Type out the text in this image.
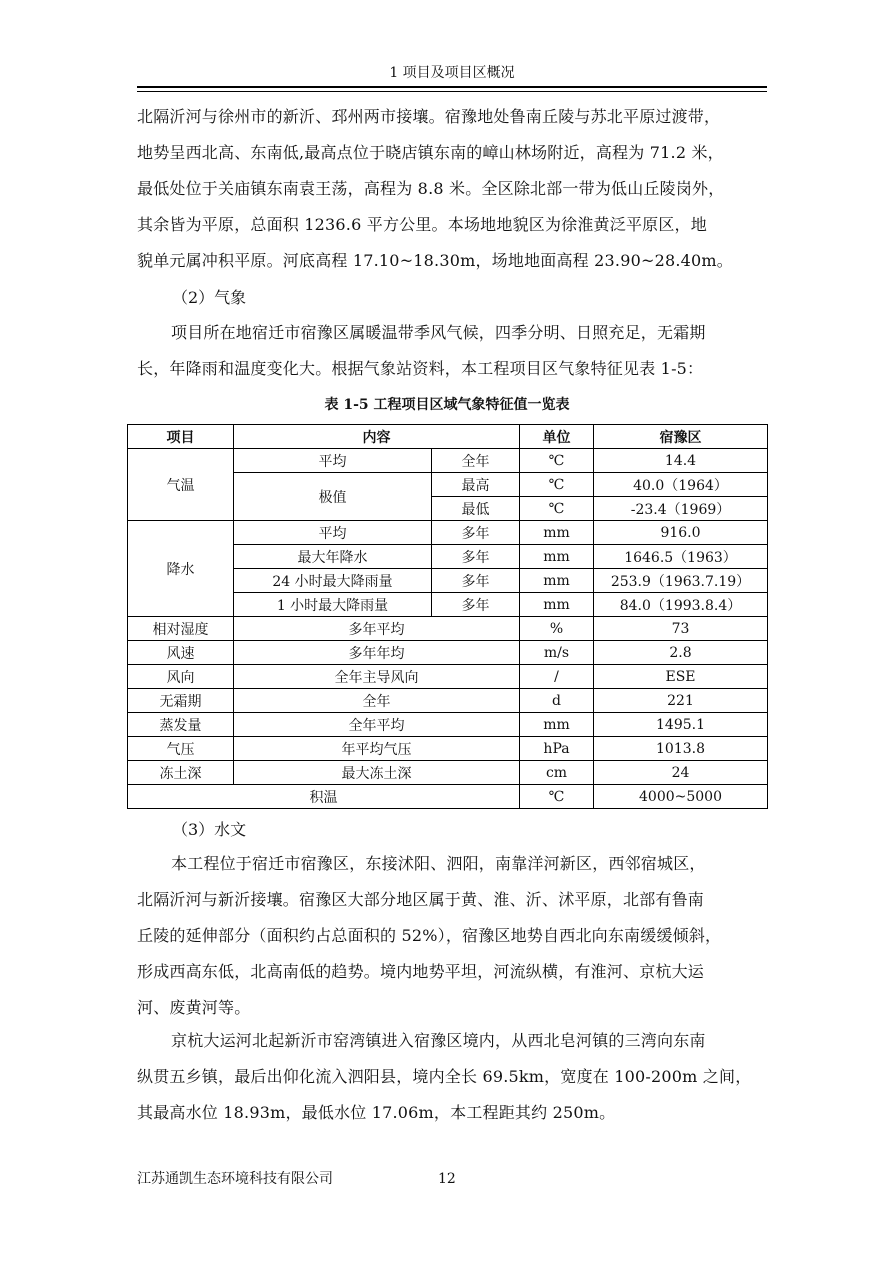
1 项目及项目区概况
北隔沂河与徐州市的新沂、邳州两市接壤。宿豫地处鲁南丘陵与苏北平原过渡带，
地势呈西北高、东南低,最高点位于晓店镇东南的嶂山林场附近，高程为 71.2 米，
最低处位于关庙镇东南袁王荡，高程为 8.8 米。全区除北部一带为低山丘陵岗外，
其余皆为平原，总面积 1236.6 平方公里。本场地地貌区为徐淮黄泛平原区，地
貌单元属冲积平原。河底高程 17.10~18.30m，场地地面高程 23.90~28.40m。
（2）气象
项目所在地宿迁市宿豫区属暖温带季风气候，四季分明、日照充足，无霜期
长，年降雨和温度变化大。根据气象站资料，本工程项目区气象特征见表 1-5：
表 1-5 工程项目区域气象特征值一览表
项目	内容		单位	宿豫区
气温	平均	全年	℃	14.4
	极值	最高	℃	40.0（1964）
		最低	℃	-23.4（1969）
降水	平均	多年	mm	916.0
	最大年降水	多年	mm	1646.5（1963）
	24 小时最大降雨量	多年	mm	253.9（1963.7.19）
	1 小时最大降雨量	多年	mm	84.0（1993.8.4）
相对湿度	多年平均		%	73
风速	多年年均		m/s	2.8
风向	全年主导风向		/	ESE
无霜期	全年		d	221
蒸发量	全年平均		mm	1495.1
气压	年平均气压		hPa	1013.8
冻土深	最大冻土深		cm	24
积温			℃	4000~5000
（3）水文
本工程位于宿迁市宿豫区，东接沭阳、泗阳，南靠洋河新区，西邻宿城区，
北隔沂河与新沂接壤。宿豫区大部分地区属于黄、淮、沂、沭平原，北部有鲁南
丘陵的延伸部分（面积约占总面积的 52%），宿豫区地势自西北向东南缓缓倾斜，
形成西高东低，北高南低的趋势。境内地势平坦，河流纵横，有淮河、京杭大运
河、废黄河等。
京杭大运河北起新沂市窑湾镇进入宿豫区境内，从西北皂河镇的三湾向东南
纵贯五乡镇，最后出仰化流入泗阳县，境内全长 69.5km，宽度在 100-200m 之间，
其最高水位 18.93m，最低水位 17.06m，本工程距其约 250m。
江苏通凯生态环境科技有限公司	12
